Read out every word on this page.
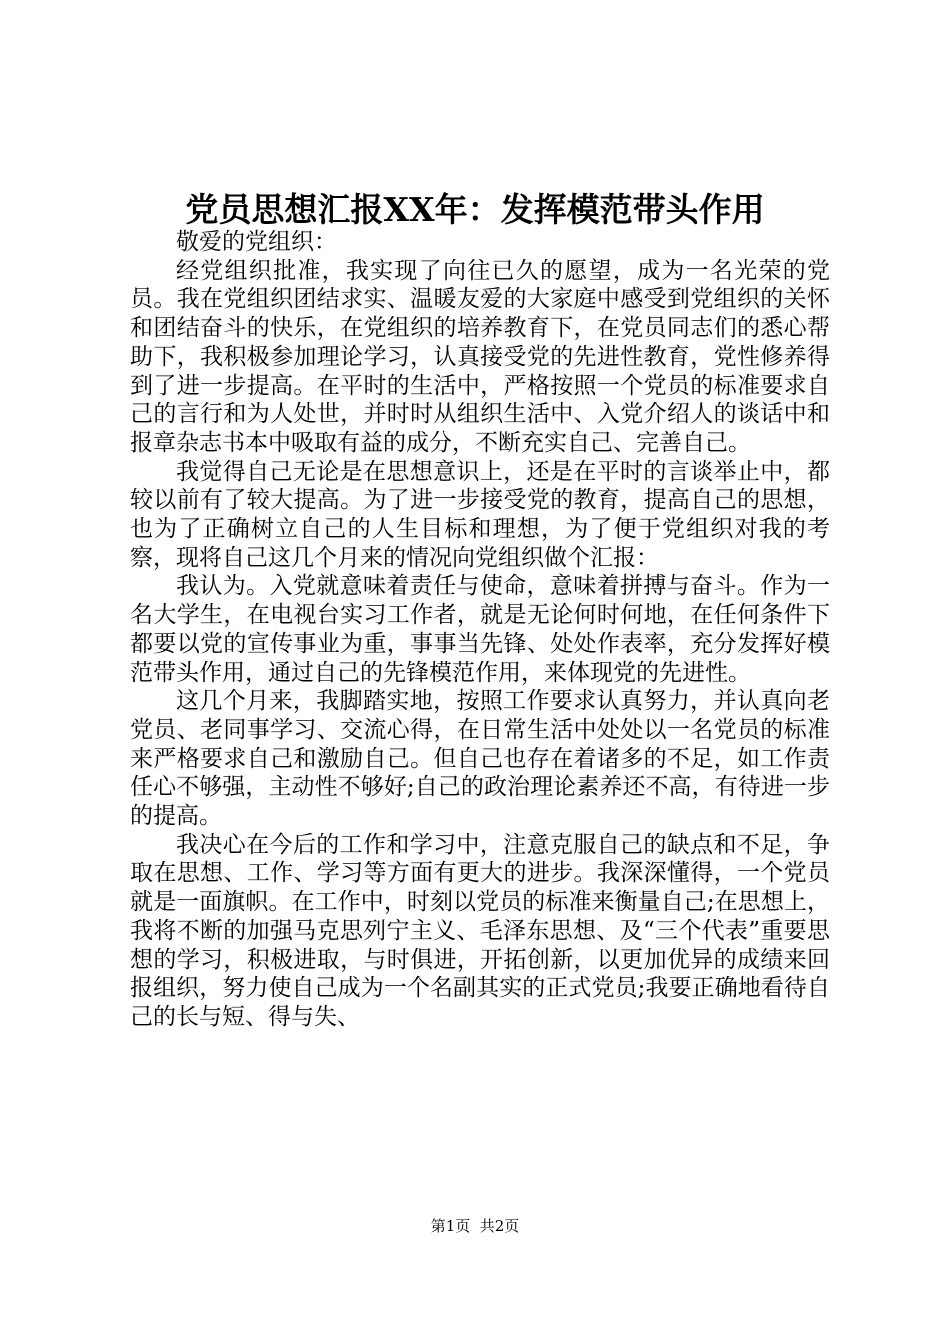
党员思想汇报XX年：发挥模范带头作用

敬爱的党组织：

经党组织批准，我实现了向往已久的愿望，成为一名光荣的党员。我在党组织团结求实、温暖友爱的大家庭中感受到党组织的关怀和团结奋斗的快乐，在党组织的培养教育下，在党员同志们的悉心帮助下，我积极参加理论学习，认真接受党的先进性教育，党性修养得到了进一步提高。在平时的生活中，严格按照一个党员的标准要求自己的言行和为人处世，并时时从组织生活中、入党介绍人的谈话中和报章杂志书本中吸取有益的成分，不断充实自己、完善自己。

我觉得自己无论是在思想意识上，还是在平时的言谈举止中，都较以前有了较大提高。为了进一步接受党的教育，提高自己的思想，也为了正确树立自己的人生目标和理想，为了便于党组织对我的考察，现将自己这几个月来的情况向党组织做个汇报：

我认为。入党就意味着责任与使命，意味着拼搏与奋斗。作为一名大学生，在电视台实习工作者，就是无论何时何地，在任何条件下都要以党的宣传事业为重，事事当先锋、处处作表率，充分发挥好模范带头作用，通过自己的先锋模范作用，来体现党的先进性。

这几个月来，我脚踏实地，按照工作要求认真努力，并认真向老党员、老同事学习、交流心得，在日常生活中处处以一名党员的标准来严格要求自己和激励自己。但自己也存在着诸多的不足，如工作责任心不够强，主动性不够好;自己的政治理论素养还不高，有待进一步的提高。

我决心在今后的工作和学习中，注意克服自己的缺点和不足，争取在思想、工作、学习等方面有更大的进步。我深深懂得，一个党员就是一面旗帜。在工作中，时刻以党员的标准来衡量自己;在思想上，我将不断的加强马克思列宁主义、毛泽东思想、及“三个代表”重要思想的学习，积极进取，与时俱进，开拓创新，以更加优异的成绩来回报组织，努力使自己成为一个名副其实的正式党员;我要正确地看待自己的长与短、得与失、

第1页  共2页
